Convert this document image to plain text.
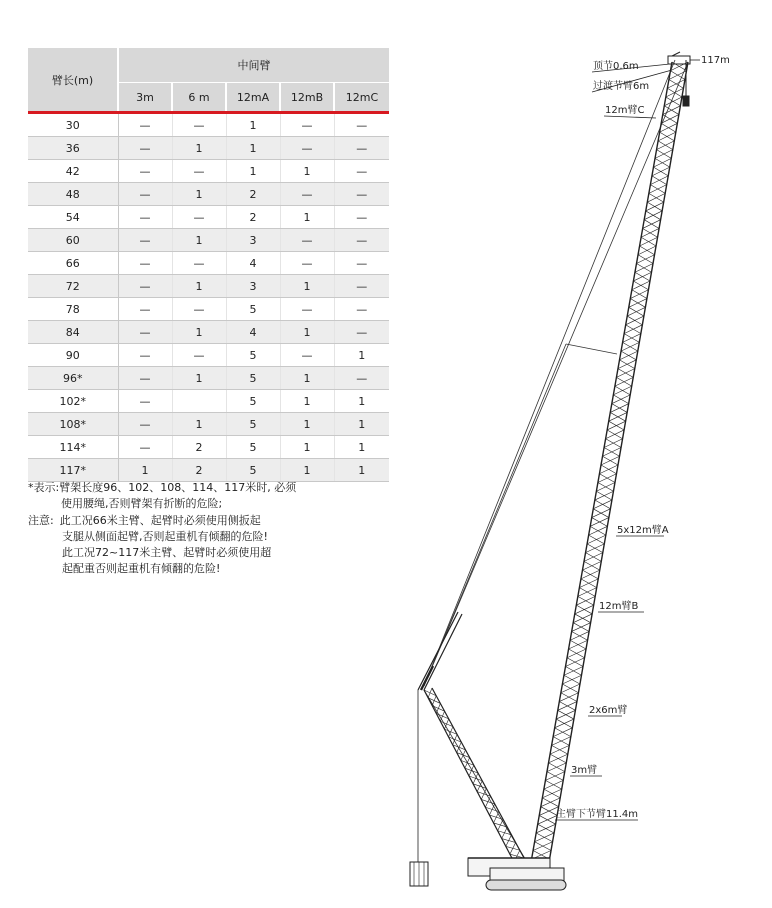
臂长(m)	中间臂				
	3m	6 m	12mA	12mB	12mC
30	—	—	1	—	—
36	—	1	1	—	—
42	—	—	1	1	—
48	—	1	2	—	—
54	—	—	2	1	—
60	—	1	3	—	—
66	—	—	4	—	—
72	—	1	3	1	—
78	—	—	5	—	—
84	—	1	4	1	—
90	—	—	5	—	1
96*	—	1	5	1	—
102*	—		5	1	1
108*	—	1	5	1	1
114*	—	2	5	1	1
117*	1	2	5	1	1
*表示:臂架长度96、102、108、114、117米时, 必须
使用腰绳,否则臂架有折断的危险;
注意: 此工况66米主臂、起臂时必须使用侧扳起
支腿从侧面起臂,否则起重机有倾翻的危险!
此工况72~117米主臂、起臂时必须使用超
起配重否则起重机有倾翻的危险!
顶节0.6m
过渡节臂6m
12m臂C
117m
5x12m臂A
12m臂B
2x6m臂
3m臂
主臂下节臂11.4m
